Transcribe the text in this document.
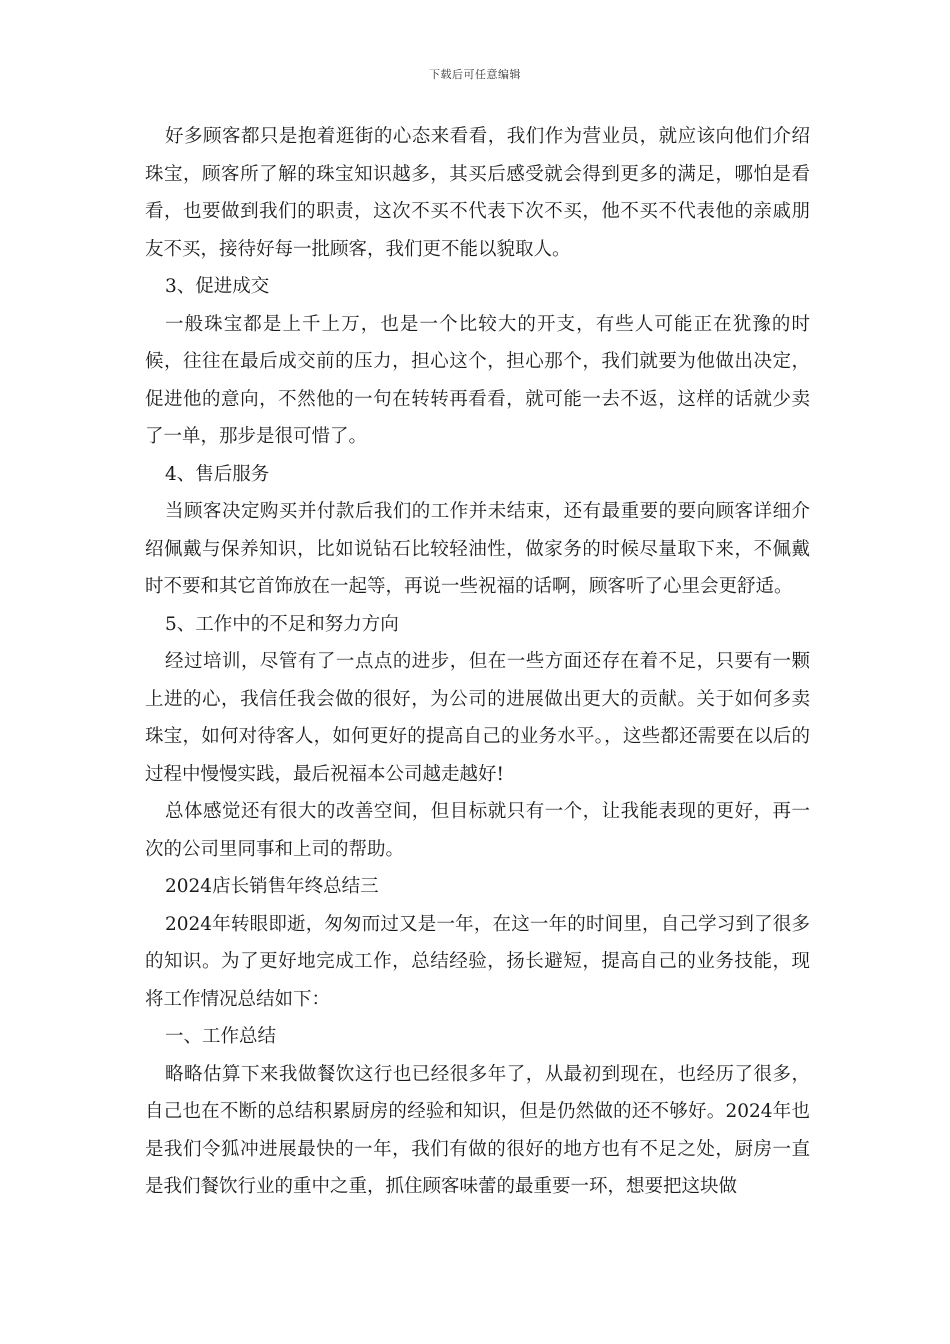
下载后可任意编辑

好多顾客都只是抱着逛街的心态来看看，我们作为营业员，就应该向他们介绍珠宝，顾客所了解的珠宝知识越多，其买后感受就会得到更多的满足，哪怕是看看，也要做到我们的职责，这次不买不代表下次不买，他不买不代表他的亲戚朋友不买，接待好每一批顾客，我们更不能以貌取人。

3、促进成交

一般珠宝都是上千上万，也是一个比较大的开支，有些人可能正在犹豫的时候，往往在最后成交前的压力，担心这个，担心那个，我们就要为他做出决定，促进他的意向，不然他的一句在转转再看看，就可能一去不返，这样的话就少卖了一单，那步是很可惜了。

4、售后服务

当顾客决定购买并付款后我们的工作并未结束，还有最重要的要向顾客详细介绍佩戴与保养知识，比如说钻石比较轻油性，做家务的时候尽量取下来，不佩戴时不要和其它首饰放在一起等，再说一些祝福的话啊，顾客听了心里会更舒适。

5、工作中的不足和努力方向

经过培训，尽管有了一点点的进步，但在一些方面还存在着不足，只要有一颗上进的心，我信任我会做的很好，为公司的进展做出更大的贡献。关于如何多卖珠宝，如何对待客人，如何更好的提高自己的业务水平。，这些都还需要在以后的过程中慢慢实践，最后祝福本公司越走越好!

总体感觉还有很大的改善空间，但目标就只有一个，让我能表现的更好，再一次的公司里同事和上司的帮助。

2024店长销售年终总结三

2024年转眼即逝，匆匆而过又是一年，在这一年的时间里，自己学习到了很多的知识。为了更好地完成工作，总结经验，扬长避短，提高自己的业务技能，现将工作情况总结如下：

一、工作总结

略略估算下来我做餐饮这行也已经很多年了，从最初到现在，也经历了很多，自己也在不断的总结积累厨房的经验和知识，但是仍然做的还不够好。2024年也是我们令狐冲进展最快的一年，我们有做的很好的地方也有不足之处，厨房一直是我们餐饮行业的重中之重，抓住顾客味蕾的最重要一环，想要把这块做
